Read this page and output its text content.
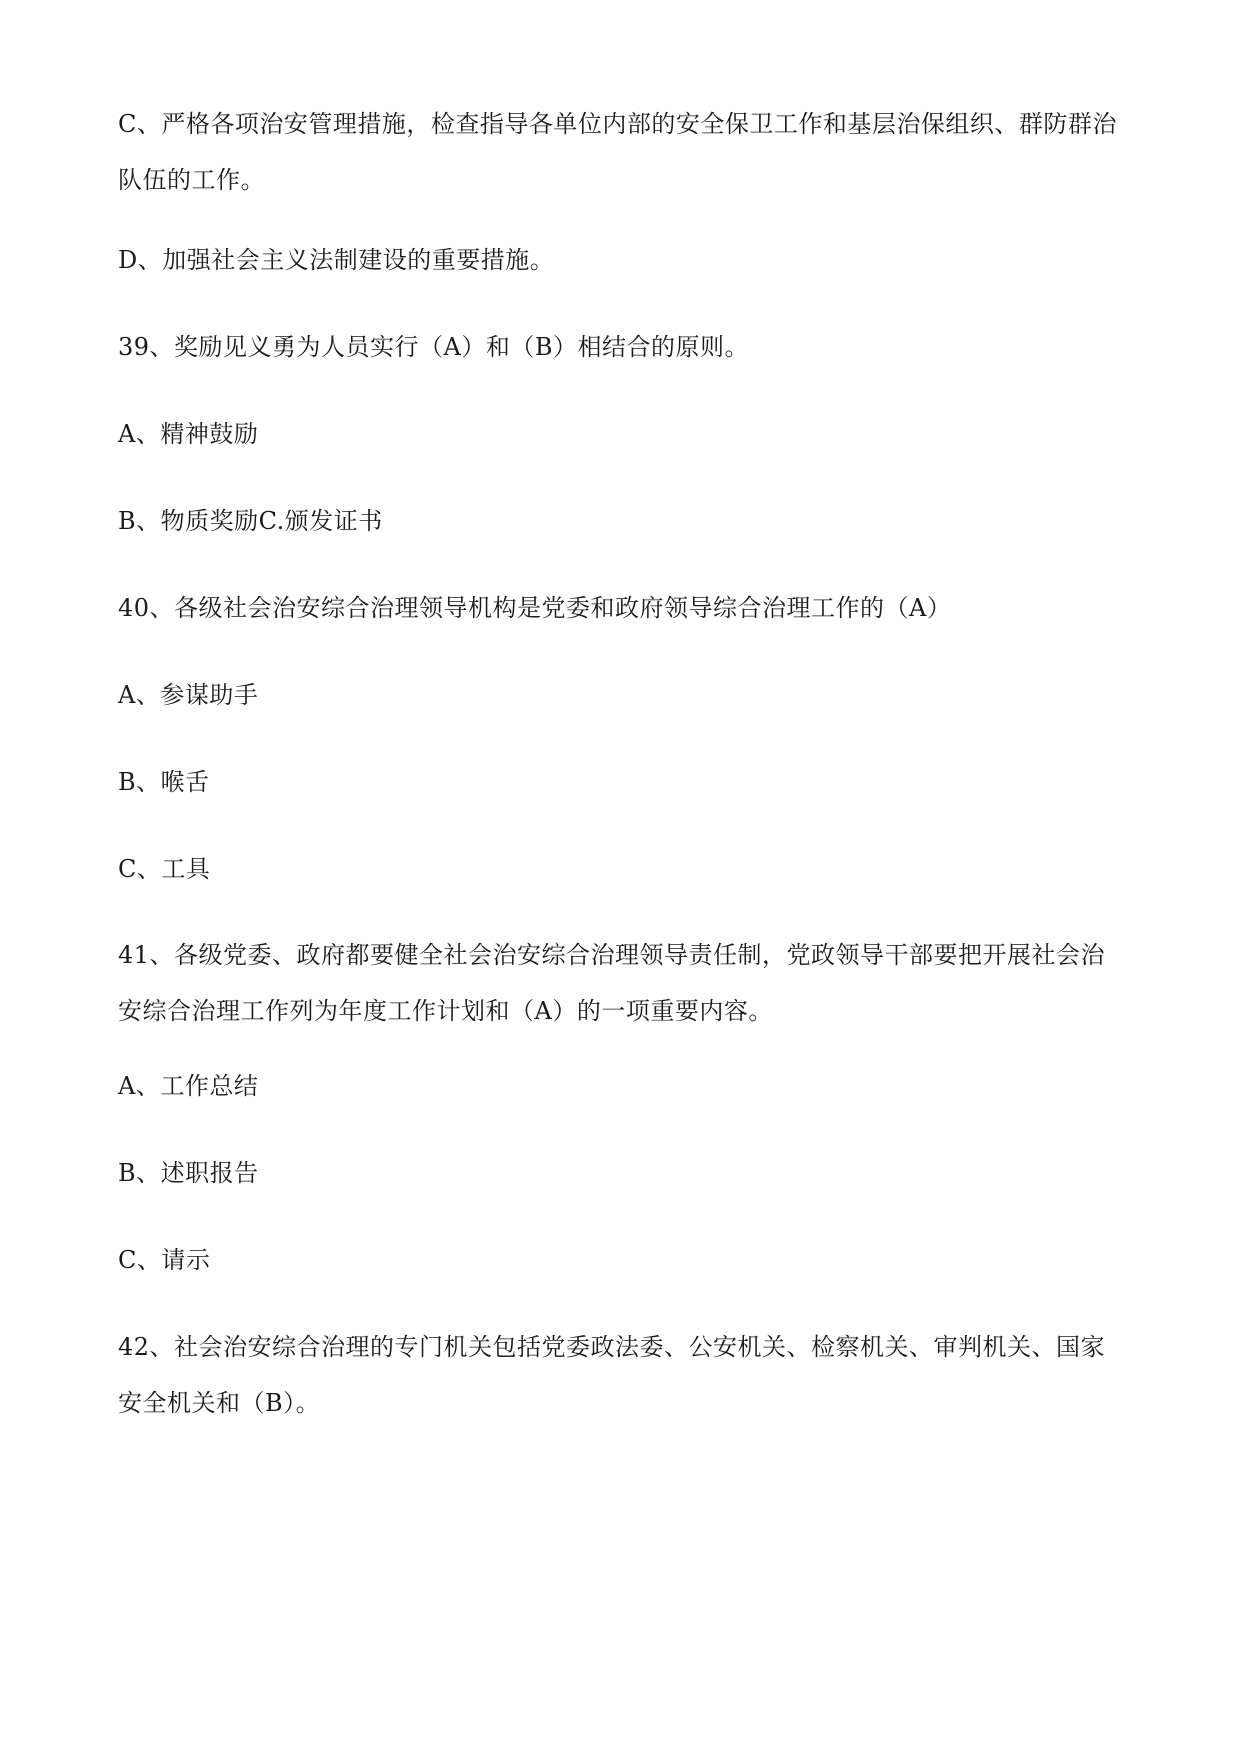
C、严格各项治安管理措施，检查指导各单位内部的安全保卫工作和基层治保组织、群防群治
队伍的工作。
D、加强社会主义法制建设的重要措施。
39、奖励见义勇为人员实行（A）和（B）相结合的原则。
A、精神鼓励
B、物质奖励C.颁发证书
40、各级社会治安综合治理领导机构是党委和政府领导综合治理工作的（A）
A、参谋助手
B、喉舌
C、工具
41、各级党委、政府都要健全社会治安综合治理领导责任制，党政领导干部要把开展社会治
安综合治理工作列为年度工作计划和（A）的一项重要内容。
A、工作总结
B、述职报告
C、请示
42、社会治安综合治理的专门机关包括党委政法委、公安机关、检察机关、审判机关、国家
安全机关和（B）。
